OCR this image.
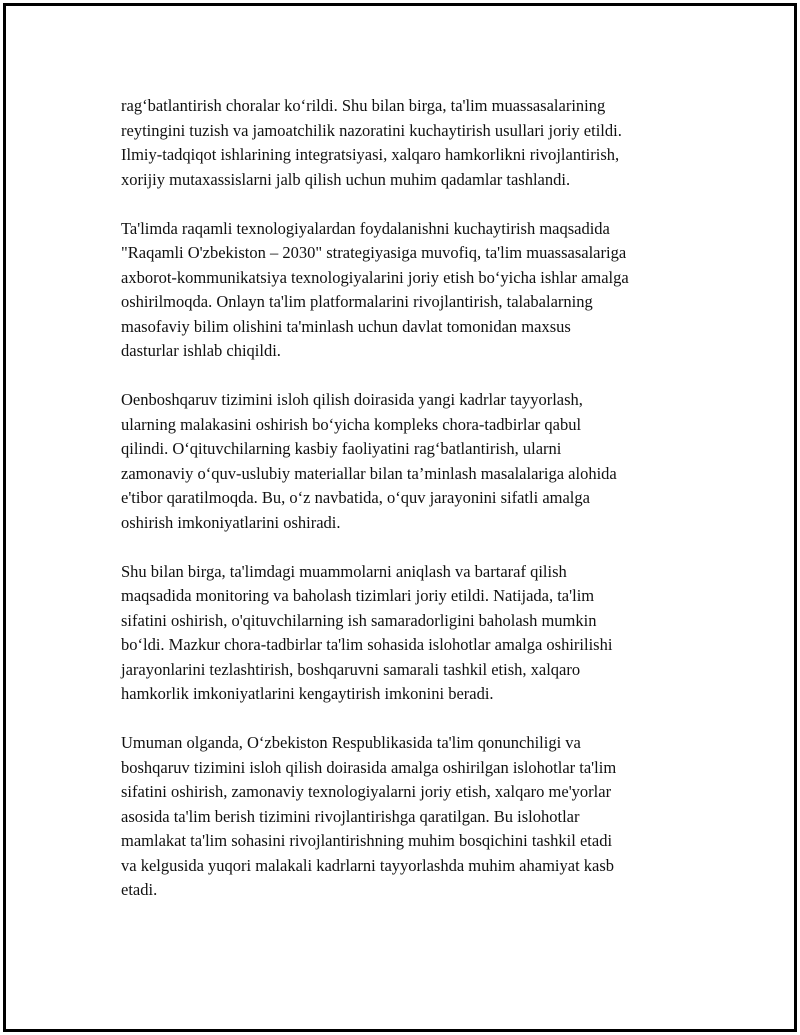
rag‘batlantirish choralar ko‘rildi. Shu bilan birga, ta'lim muassasalarining
reytingini tuzish va jamoatchilik nazoratini kuchaytirish usullari joriy etildi.
Ilmiy-tadqiqot ishlarining integratsiyasi, xalqaro hamkorlikni rivojlantirish,
xorijiy mutaxassislarni jalb qilish uchun muhim qadamlar tashlandi.

Ta'limda raqamli texnologiyalardan foydalanishni kuchaytirish maqsadida
"Raqamli O'zbekiston – 2030" strategiyasiga muvofiq, ta'lim muassasalariga
axborot-kommunikatsiya texnologiyalarini joriy etish bo‘yicha ishlar amalga
oshirilmoqda. Onlayn ta'lim platformalarini rivojlantirish, talabalarning
masofaviy bilim olishini ta'minlash uchun davlat tomonidan maxsus
dasturlar ishlab chiqildi.

Oenboshqaruv tizimini isloh qilish doirasida yangi kadrlar tayyorlash,
ularning malakasini oshirish bo‘yicha kompleks chora-tadbirlar qabul
qilindi. O‘qituvchilarning kasbiy faoliyatini rag‘batlantirish, ularni
zamonaviy o‘quv-uslubiy materiallar bilan ta’minlash masalalariga alohida
e'tibor qaratilmoqda. Bu, o‘z navbatida, o‘quv jarayonini sifatli amalga
oshirish imkoniyatlarini oshiradi.

Shu bilan birga, ta'limdagi muammolarni aniqlash va bartaraf qilish
maqsadida monitoring va baholash tizimlari joriy etildi. Natijada, ta'lim
sifatini oshirish, o'qituvchilarning ish samaradorligini baholash mumkin
bo‘ldi. Mazkur chora-tadbirlar ta'lim sohasida islohotlar amalga oshirilishi
jarayonlarini tezlashtirish, boshqaruvni samarali tashkil etish, xalqaro
hamkorlik imkoniyatlarini kengaytirish imkonini beradi.

Umuman olganda, O‘zbekiston Respublikasida ta'lim qonunchiligi va
boshqaruv tizimini isloh qilish doirasida amalga oshirilgan islohotlar ta'lim
sifatini oshirish, zamonaviy texnologiyalarni joriy etish, xalqaro me'yorlar
asosida ta'lim berish tizimini rivojlantirishga qaratilgan. Bu islohotlar
mamlakat ta'lim sohasini rivojlantirishning muhim bosqichini tashkil etadi
va kelgusida yuqori malakali kadrlarni tayyorlashda muhim ahamiyat kasb
etadi.
